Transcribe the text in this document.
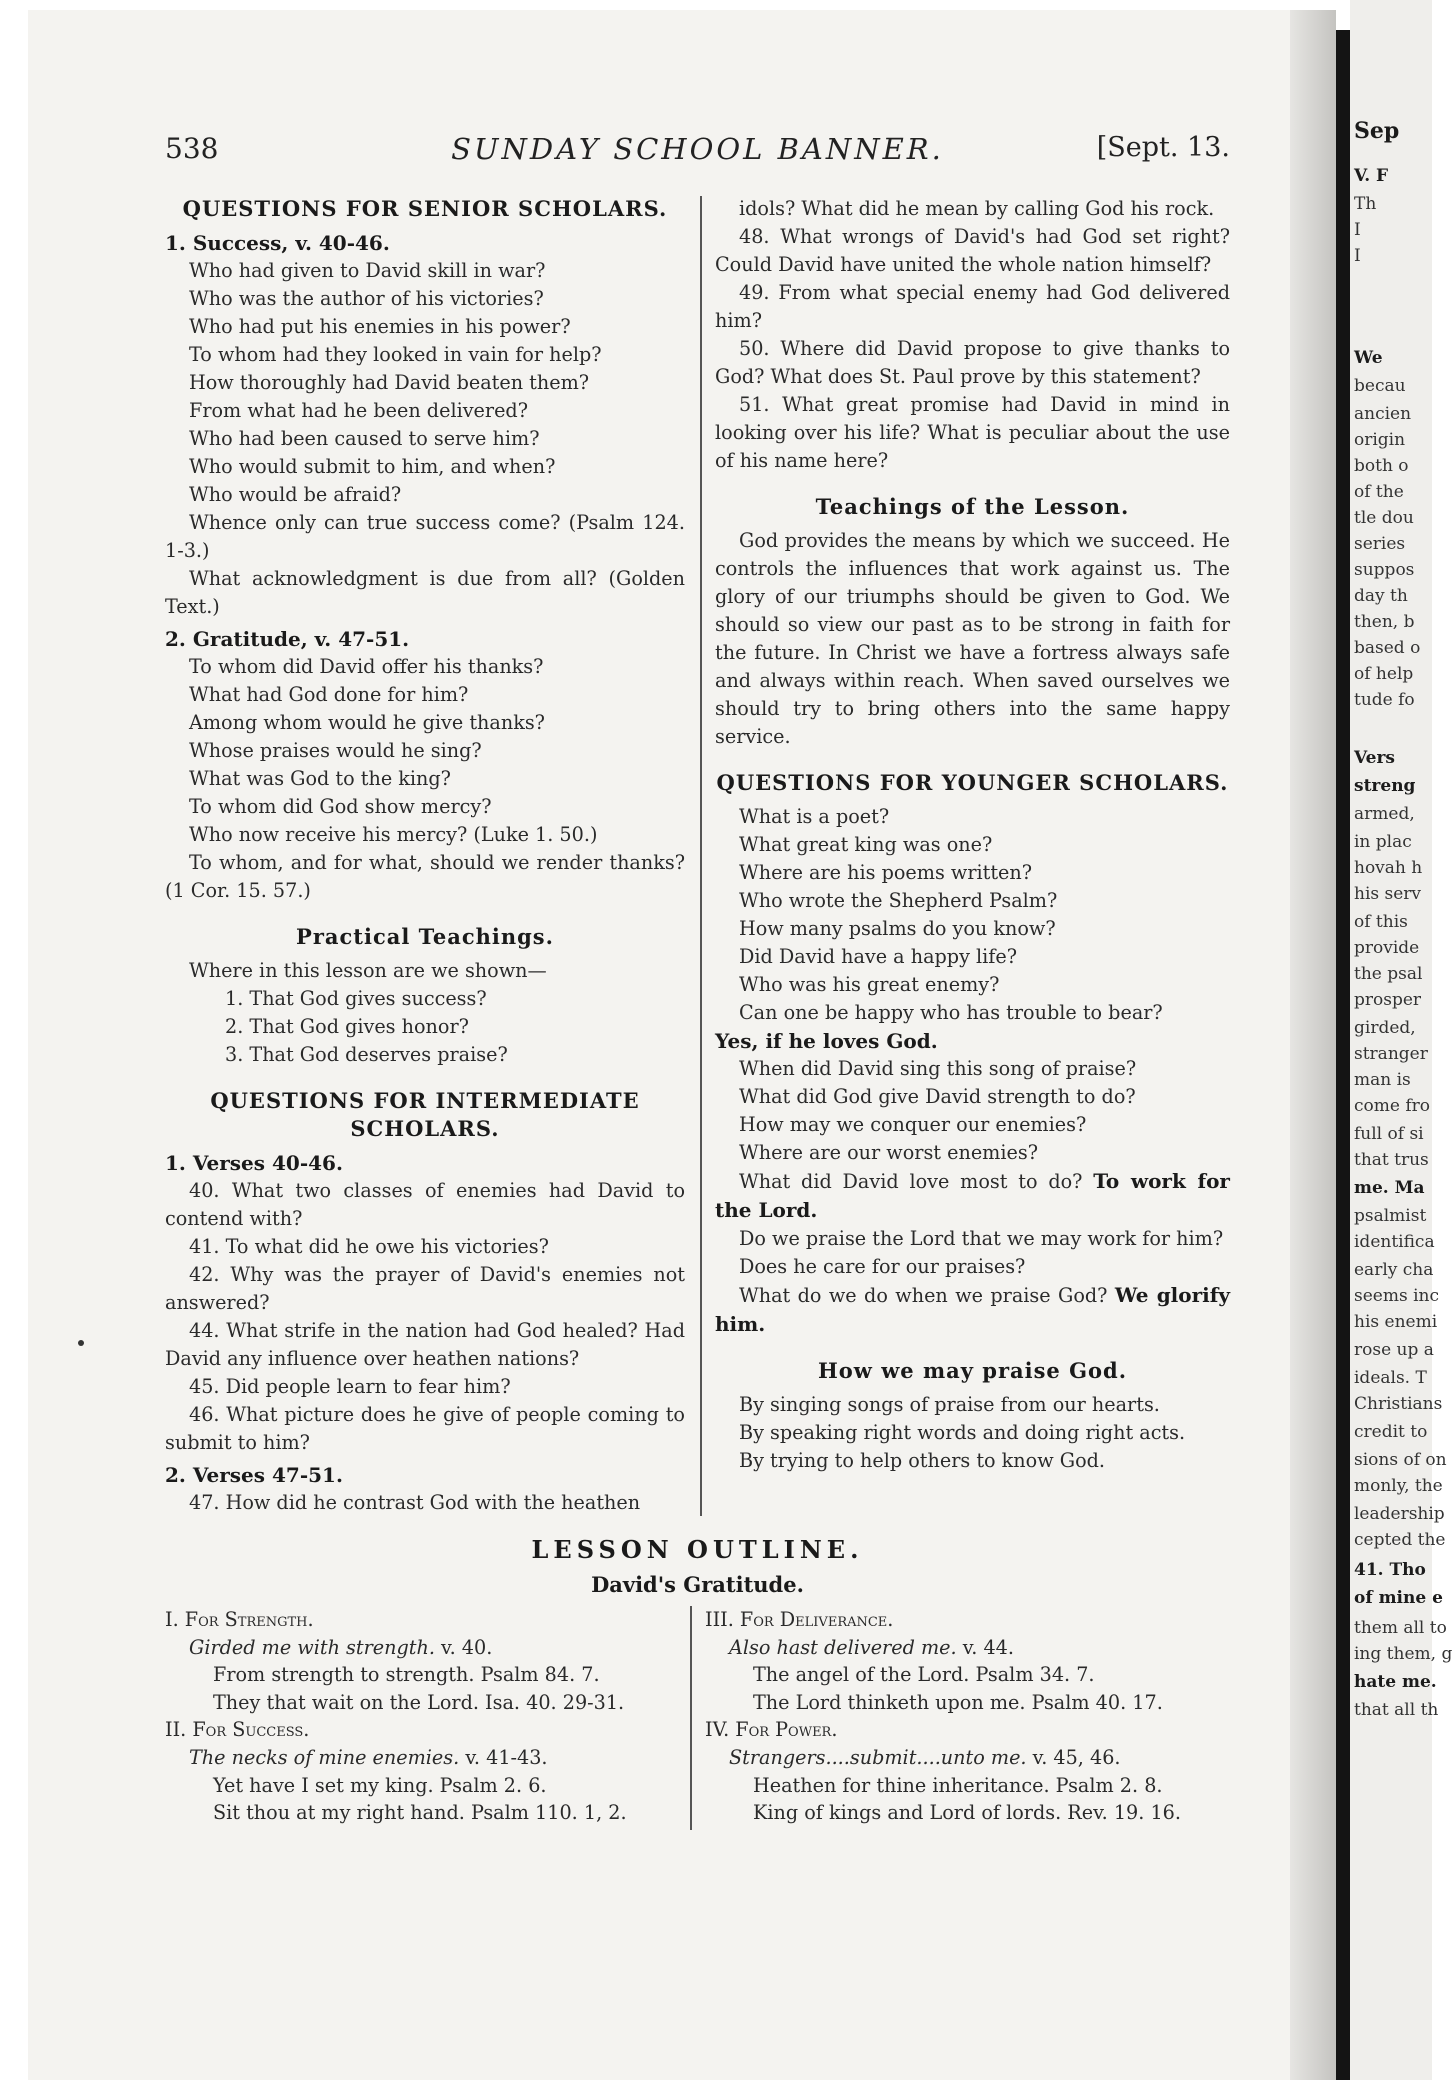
Sep
V. F
Th
I
I
We
becau
ancien
origin
both o
of the
tle dou
series
suppos
day th
then, b
based o
of help
tude fo
Vers
streng
armed,
in plac
hovah h
his serv
of this
provide
the psal
prosper
girded,
stranger
man is
come fro
full of si
that trus
me. Ma
psalmist
identifica
early cha
seems inc
his enemi
rose up a
ideals. T
Christians
credit to
sions of on
monly, the
leadership
cepted the
41. Tho
of mine e
them all to
ing them, g
hate me.
that all th
538	SUNDAY SCHOOL BANNER.	[Sept. 13.

QUESTIONS FOR SENIOR SCHOLARS.

1. Success, v. 40-46.

Who had given to David skill in war?

Who was the author of his victories?

Who had put his enemies in his power?

To whom had they looked in vain for help?

How thoroughly had David beaten them?

From what had he been delivered?

Who had been caused to serve him?

Who would submit to him, and when?

Who would be afraid?

Whence only can true success come? (Psalm 124. 1-3.)

What acknowledgment is due from all? (Golden Text.)

2. Gratitude, v. 47-51.

To whom did David offer his thanks?

What had God done for him?

Among whom would he give thanks?

Whose praises would he sing?

What was God to the king?

To whom did God show mercy?

Who now receive his mercy? (Luke 1. 50.)

To whom, and for what, should we render thanks? (1 Cor. 15. 57.)

Practical Teachings.

Where in this lesson are we shown—

1. That God gives success?

2. That God gives honor?

3. That God deserves praise?

QUESTIONS FOR INTERMEDIATE SCHOLARS.

1. Verses 40-46.

40. What two classes of enemies had David to contend with?

41. To what did he owe his victories?

42. Why was the prayer of David's enemies not answered?

44. What strife in the nation had God healed? Had David any influence over heathen nations?

45. Did people learn to fear him?

46. What picture does he give of people coming to submit to him?

2. Verses 47-51.

47. How did he contrast God with the heathen

idols? What did he mean by calling God his rock.

48. What wrongs of David's had God set right? Could David have united the whole nation himself?

49. From what special enemy had God delivered him?

50. Where did David propose to give thanks to God? What does St. Paul prove by this statement?

51. What great promise had David in mind in looking over his life? What is peculiar about the use of his name here?

Teachings of the Lesson.

God provides the means by which we succeed. He controls the influences that work against us. The glory of our triumphs should be given to God. We should so view our past as to be strong in faith for the future. In Christ we have a fortress always safe and always within reach. When saved ourselves we should try to bring others into the same happy service.

QUESTIONS FOR YOUNGER SCHOLARS.

What is a poet?

What great king was one?

Where are his poems written?

Who wrote the Shepherd Psalm?

How many psalms do you know?

Did David have a happy life?

Who was his great enemy?

Can one be happy who has trouble to bear?

Yes, if he loves God.

When did David sing this song of praise?

What did God give David strength to do?

How may we conquer our enemies?

Where are our worst enemies?

What did David love most to do? To work for the Lord.

Do we praise the Lord that we may work for him?

Does he care for our praises?

What do we do when we praise God? We glorify him.

How we may praise God.

By singing songs of praise from our hearts.

By speaking right words and doing right acts.

By trying to help others to know God.

LESSON OUTLINE.
David's Gratitude.

I. For Strength.

Girded me with strength. v. 40.

From strength to strength. Psalm 84. 7.

They that wait on the Lord. Isa. 40. 29-31.

II. For Success.

The necks of mine enemies. v. 41-43.

Yet have I set my king. Psalm 2. 6.

Sit thou at my right hand. Psalm 110. 1, 2.

III. For Deliverance.

Also hast delivered me. v. 44.

The angel of the Lord. Psalm 34. 7.

The Lord thinketh upon me. Psalm 40. 17.

IV. For Power.

Strangers....submit....unto me. v. 45, 46.

Heathen for thine inheritance. Psalm 2. 8.

King of kings and Lord of lords. Rev. 19. 16.
